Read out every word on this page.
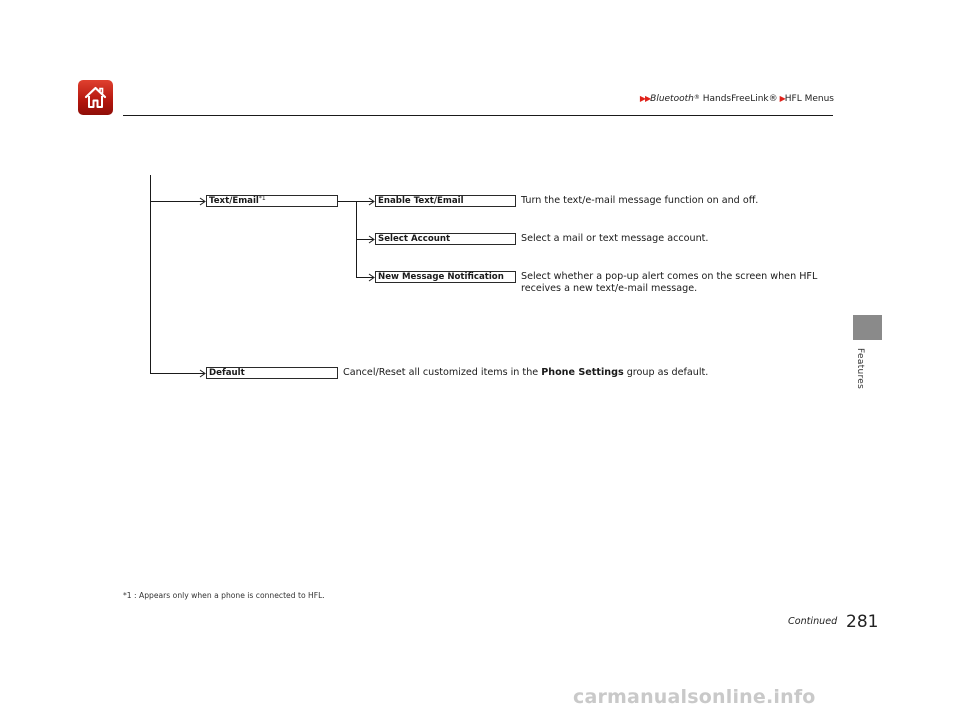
▶▶Bluetooth® HandsFreeLink® ▶HFL Menus
Features
Text/Email$^{*1}$	Enable Text/Email
Select Account
New Message Notification
Default
Turn the text/e-mail message function on and off.
Select a mail or text message account.
Select whether a pop-up alert comes on the screen when HFL
receives a new text/e-mail message.
Cancel/Reset all customized items in the Phone Settings group as default.
*1 : Appears only when a phone is connected to HFL.
Continued 281
carmanualsonline.info
